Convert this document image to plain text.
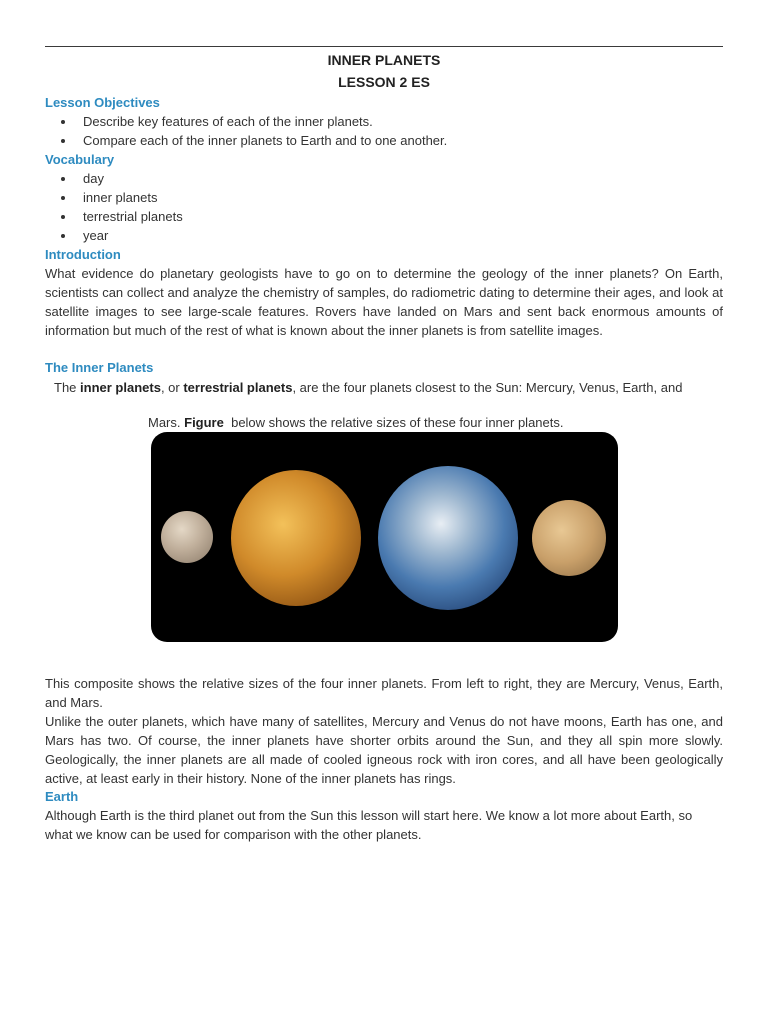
INNER PLANETS
LESSON 2 ES
Lesson Objectives
Describe key features of each of the inner planets.
Compare each of the inner planets to Earth and to one another.
Vocabulary
day
inner planets
terrestrial planets
year
Introduction

What evidence do planetary geologists have to go on to determine the geology of the inner planets? On Earth, scientists can collect and analyze the chemistry of samples, do radiometric dating to determine their ages, and look at satellite images to see large-scale features. Rovers have landed on Mars and sent back enormous amounts of information but much of the rest of what is known about the inner planets is from satellite images.

The Inner Planets
The inner planets, or terrestrial planets, are the four planets closest to the Sun: Mercury, Venus, Earth, and
Mars. Figure  below shows the relative sizes of these four inner planets.

This composite shows the relative sizes of the four inner planets. From left to right, they are Mercury, Venus, Earth, and Mars.

Unlike the outer planets, which have many of satellites, Mercury and Venus do not have moons, Earth has one, and Mars has two. Of course, the inner planets have shorter orbits around the Sun, and they all spin more slowly. Geologically, the inner planets are all made of cooled igneous rock with iron cores, and all have been geologically active, at least early in their history. None of the inner planets has rings.

Earth

Although Earth is the third planet out from the Sun this lesson will start here. We know a lot more about Earth, so what we know can be used for comparison with the other planets.
